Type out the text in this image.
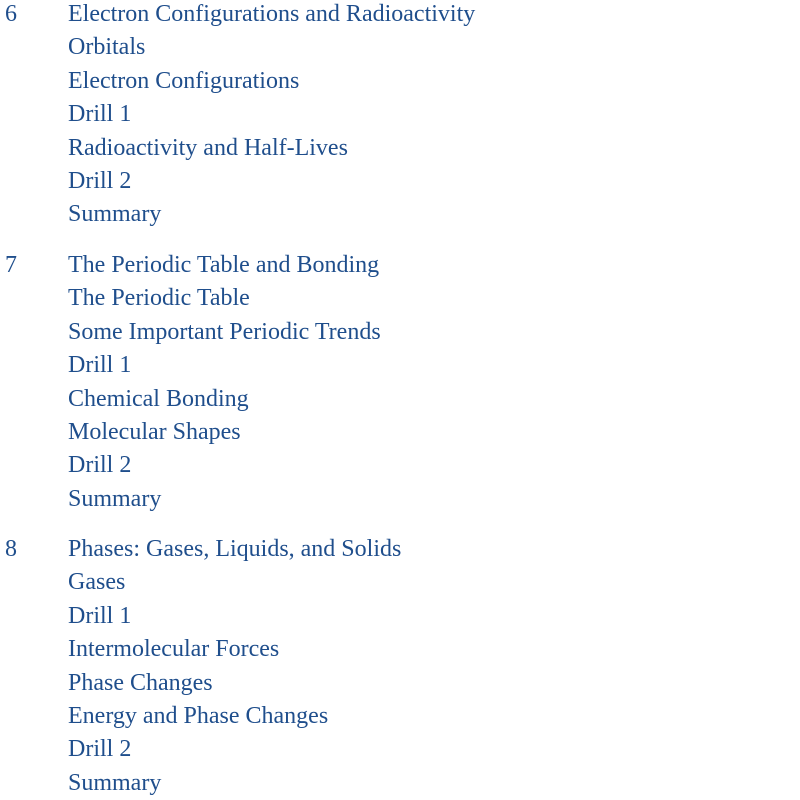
6 Electron Configurations and Radioactivity
Orbitals
Electron Configurations
Drill 1
Radioactivity and Half-Lives
Drill 2
Summary
7 The Periodic Table and Bonding
The Periodic Table
Some Important Periodic Trends
Drill 1
Chemical Bonding
Molecular Shapes
Drill 2
Summary
8 Phases: Gases, Liquids, and Solids
Gases
Drill 1
Intermolecular Forces
Phase Changes
Energy and Phase Changes
Drill 2
Summary
